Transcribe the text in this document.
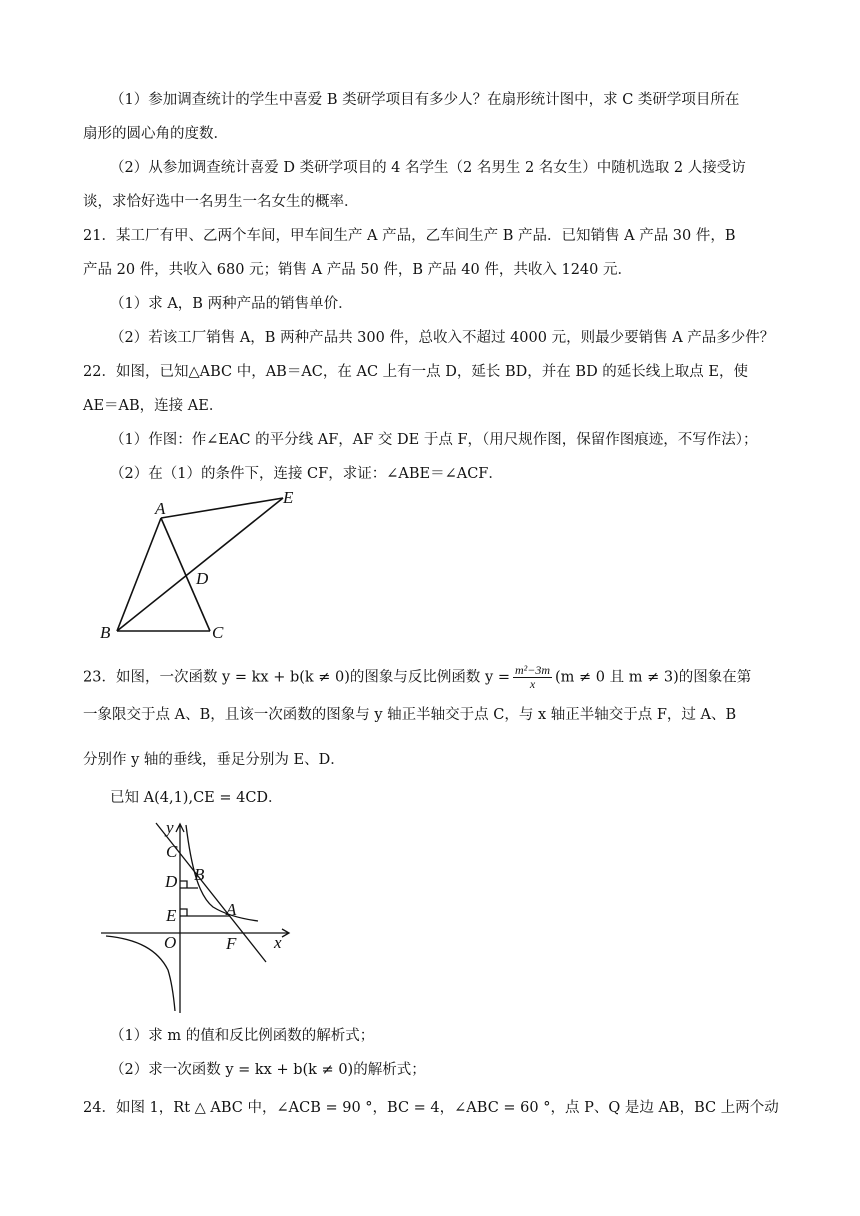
（1）参加调查统计的学生中喜爱 B 类研学项目有多少人？在扇形统计图中，求 C 类研学项目所在
扇形的圆心角的度数．
（2）从参加调查统计喜爱 D 类研学项目的 4 名学生（2 名男生 2 名女生）中随机选取 2 人接受访
谈，求恰好选中一名男生一名女生的概率．
21．某工厂有甲、乙两个车间，甲车间生产 A 产品，乙车间生产 B 产品．已知销售 A 产品 30 件，B
产品 20 件，共收入 680 元；销售 A 产品 50 件，B 产品 40 件，共收入 1240 元．
（1）求 A，B 两种产品的销售单价．
（2）若该工厂销售 A，B 两种产品共 300 件，总收入不超过 4000 元，则最少要销售 A 产品多少件？
22．如图，已知△ABC 中，AB＝AC，在 AC 上有一点 D，延长 BD，并在 BD 的延长线上取点 E，使
AE＝AB，连接 AE．
（1）作图：作∠EAC 的平分线 AF，AF 交 DE 于点 F，（用尺规作图，保留作图痕迹，不写作法）；
（2）在（1）的条件下，连接 CF，求证：∠ABE＝∠ACF．
A
B	C
D
E
23．如图，一次函数 y = kx + b(k ≠ 0)的图象与反比例函数 $y = \frac{\text{m²−3m}}{x} (m \ne 0$ 且 m ≠ 3)的图象在第
一象限交于点 A、B，且该一次函数的图象与 y 轴正半轴交于点 C，与 x 轴正半轴交于点 F，过 A、B
分别作 y 轴的垂线，垂足分别为 E、D．
已知 A(4,1),CE = 4CD．
y
x
O
C
D B
E	A
F
（1）求 m 的值和反比例函数的解析式；
（2）求一次函数 y = kx + b(k ≠ 0)的解析式；
24．如图 1，Rt △ ABC 中，∠ACB = 90 °，BC = 4，∠ABC = 60 °，点 P、Q 是边 AB，BC 上两个动
